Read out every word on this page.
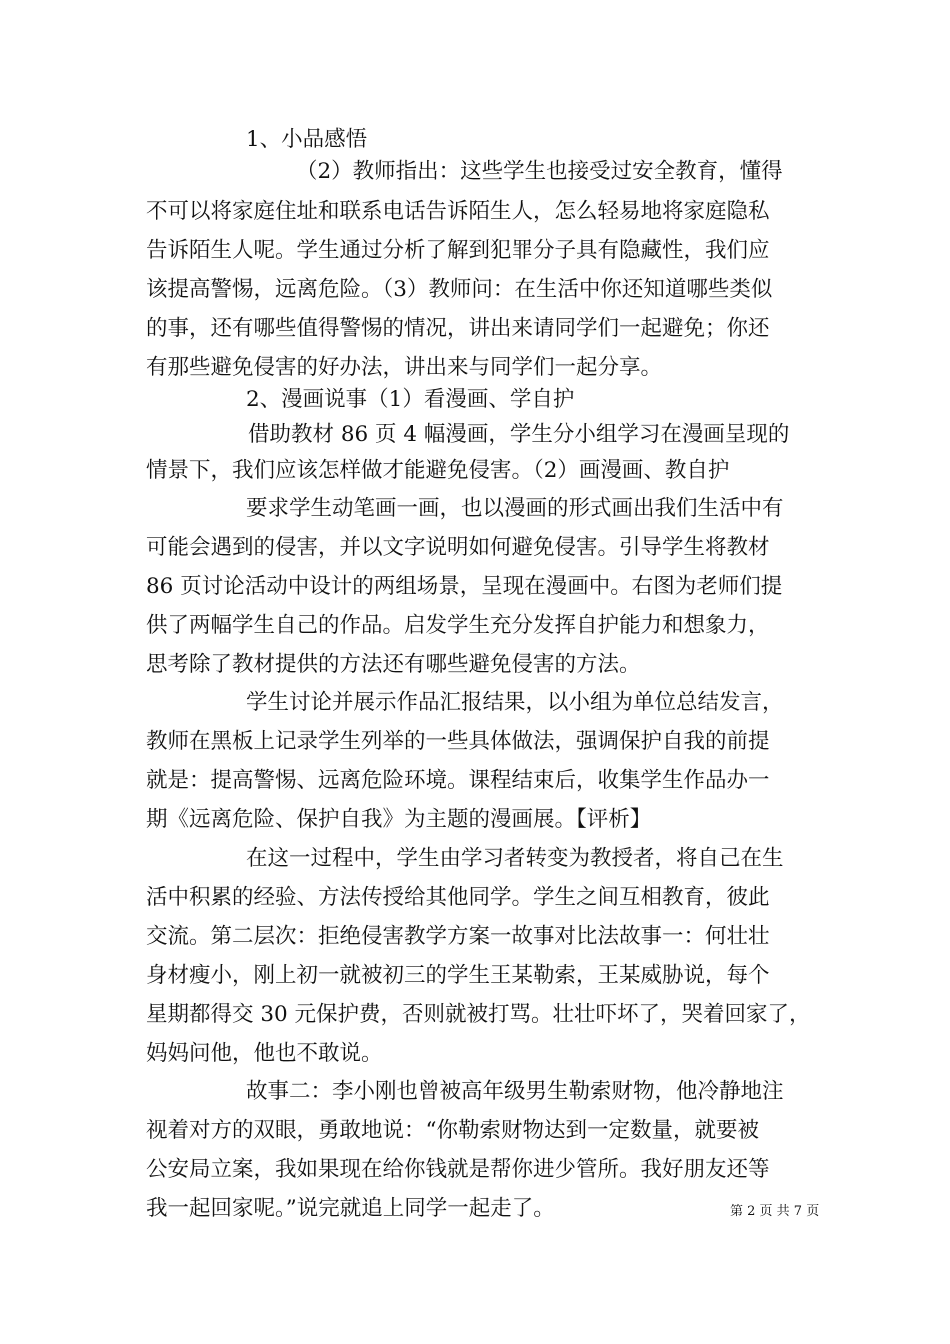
1、小品感悟
（2）教师指出：这些学生也接受过安全教育，懂得
不可以将家庭住址和联系电话告诉陌生人，怎么轻易地将家庭隐私
告诉陌生人呢。学生通过分析了解到犯罪分子具有隐藏性，我们应
该提高警惕，远离危险。（3）教师问：在生活中你还知道哪些类似
的事，还有哪些值得警惕的情况，讲出来请同学们一起避免；你还
有那些避免侵害的好办法，讲出来与同学们一起分享。
2、漫画说事（1）看漫画、学自护
借助教材 86 页 4 幅漫画，学生分小组学习在漫画呈现的
情景下，我们应该怎样做才能避免侵害。（2）画漫画、教自护
要求学生动笔画一画，也以漫画的形式画出我们生活中有
可能会遇到的侵害，并以文字说明如何避免侵害。引导学生将教材
86 页讨论活动中设计的两组场景，呈现在漫画中。右图为老师们提
供了两幅学生自己的作品。启发学生充分发挥自护能力和想象力，
思考除了教材提供的方法还有哪些避免侵害的方法。
学生讨论并展示作品汇报结果，以小组为单位总结发言，
教师在黑板上记录学生列举的一些具体做法，强调保护自我的前提
就是：提高警惕、远离危险环境。课程结束后，收集学生作品办一
期《远离危险、保护自我》为主题的漫画展。【评析】
在这一过程中，学生由学习者转变为教授者，将自己在生
活中积累的经验、方法传授给其他同学。学生之间互相教育，彼此
交流。第二层次：拒绝侵害教学方案一故事对比法故事一：何壮壮
身材瘦小，刚上初一就被初三的学生王某勒索，王某威胁说，每个
星期都得交 30 元保护费，否则就被打骂。壮壮吓坏了，哭着回家了，
妈妈问他，他也不敢说。
故事二：李小刚也曾被高年级男生勒索财物，他冷静地注
视着对方的双眼，勇敢地说：“你勒索财物达到一定数量，就要被
公安局立案，我如果现在给你钱就是帮你进少管所。我好朋友还等
我一起回家呢。”说完就追上同学一起走了。	第 2 页 共 7 页
